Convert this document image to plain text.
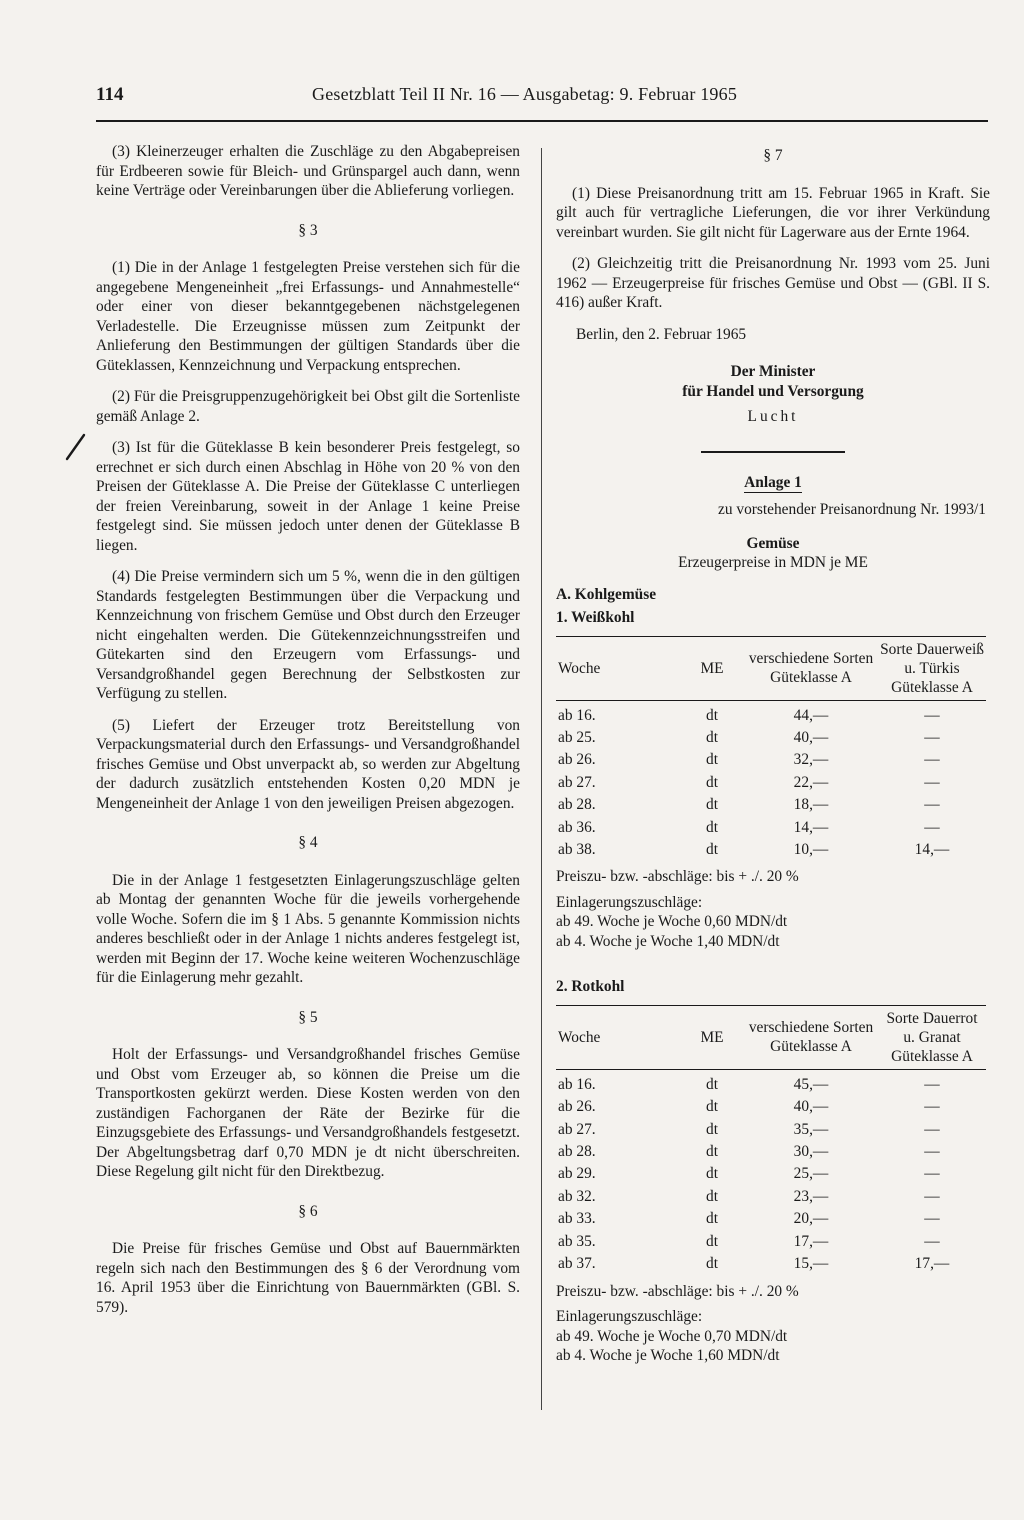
114	Gesetzblatt Teil II Nr. 16 — Ausgabetag: 9. Februar 1965

(3) Kleinerzeuger erhalten die Zuschläge zu den Abgabepreisen für Erdbeeren sowie für Bleich- und Grünspargel auch dann, wenn keine Verträge oder Vereinbarungen über die Ablieferung vorliegen.

§ 3

(1) Die in der Anlage 1 festgelegten Preise verstehen sich für die angegebene Mengeneinheit „frei Erfassungs- und Annahmestelle“ oder einer von dieser bekanntgegebenen nächstgelegenen Verladestelle. Die Erzeugnisse müssen zum Zeitpunkt der Anlieferung den Bestimmungen der gültigen Standards über die Güteklassen, Kennzeichnung und Verpackung entsprechen.

(2) Für die Preisgruppenzugehörigkeit bei Obst gilt die Sortenliste gemäß Anlage 2.

(3) Ist für die Güteklasse B kein besonderer Preis festgelegt, so errechnet er sich durch einen Abschlag in Höhe von 20 % von den Preisen der Güteklasse A. Die Preise der Güteklasse C unterliegen der freien Vereinbarung, soweit in der Anlage 1 keine Preise festgelegt sind. Sie müssen jedoch unter denen der Güteklasse B liegen.

(4) Die Preise vermindern sich um 5 %, wenn die in den gültigen Standards festgelegten Bestimmungen über die Verpackung und Kennzeichnung von frischem Gemüse und Obst durch den Erzeuger nicht eingehalten werden. Die Gütekennzeichnungsstreifen und Gütekarten sind den Erzeugern vom Erfassungs- und Versandgroßhandel gegen Berechnung der Selbstkosten zur Verfügung zu stellen.

(5) Liefert der Erzeuger trotz Bereitstellung von Verpackungsmaterial durch den Erfassungs- und Versandgroßhandel frisches Gemüse und Obst unverpackt ab, so werden zur Abgeltung der dadurch zusätzlich entstehenden Kosten 0,20 MDN je Mengeneinheit der Anlage 1 von den jeweiligen Preisen abgezogen.

§ 4

Die in der Anlage 1 festgesetzten Einlagerungszuschläge gelten ab Montag der genannten Woche für die jeweils vorhergehende volle Woche. Sofern die im § 1 Abs. 5 genannte Kommission nichts anderes beschließt oder in der Anlage 1 nichts anderes festgelegt ist, werden mit Beginn der 17. Woche keine weiteren Wochenzuschläge für die Einlagerung mehr gezahlt.

§ 5

Holt der Erfassungs- und Versandgroßhandel frisches Gemüse und Obst vom Erzeuger ab, so können die Preise um die Transportkosten gekürzt werden. Diese Kosten werden von den zuständigen Fachorganen der Räte der Bezirke für die Einzugsgebiete des Erfassungs- und Versandgroßhandels festgesetzt. Der Abgeltungsbetrag darf 0,70 MDN je dt nicht überschreiten. Diese Regelung gilt nicht für den Direktbezug.

§ 6

Die Preise für frisches Gemüse und Obst auf Bauernmärkten regeln sich nach den Bestimmungen des § 6 der Verordnung vom 16. April 1953 über die Einrichtung von Bauernmärkten (GBl. S. 579).

§ 7

(1) Diese Preisanordnung tritt am 15. Februar 1965 in Kraft. Sie gilt auch für vertragliche Lieferungen, die vor ihrer Verkündung vereinbart wurden. Sie gilt nicht für Lagerware aus der Ernte 1964.

(2) Gleichzeitig tritt die Preisanordnung Nr. 1993 vom 25. Juni 1962 — Erzeugerpreise für frisches Gemüse und Obst — (GBl. II S. 416) außer Kraft.

Berlin, den 2. Februar 1965
Der Minister
für Handel und Versorgung
Lucht
Anlage 1
zu vorstehender Preisanordnung Nr. 1993/1
Gemüse
Erzeugerpreise in MDN je ME
A. Kohlgemüse
1. Weißkohl
Woche	ME	verschiedene Sorten Güteklasse A	Sorte Dauerweiß u. Türkis Güteklasse A
ab 16.	dt	44,—	—
ab 25.	dt	40,—	—
ab 26.	dt	32,—	—
ab 27.	dt	22,—	—
ab 28.	dt	18,—	—
ab 36.	dt	14,—	—
ab 38.	dt	10,—	14,—
Preiszu- bzw. -abschläge: bis + ./. 20 %
Einlagerungszuschläge:
ab 49. Woche je Woche 0,60 MDN/dt
ab 4. Woche je Woche 1,40 MDN/dt
2. Rotkohl
Woche	ME	verschiedene Sorten Güteklasse A	Sorte Dauerrot u. Granat Güteklasse A
ab 16.	dt	45,—	—
ab 26.	dt	40,—	—
ab 27.	dt	35,—	—
ab 28.	dt	30,—	—
ab 29.	dt	25,—	—
ab 32.	dt	23,—	—
ab 33.	dt	20,—	—
ab 35.	dt	17,—	—
ab 37.	dt	15,—	17,—
Preiszu- bzw. -abschläge: bis + ./. 20 %
Einlagerungszuschläge:
ab 49. Woche je Woche 0,70 MDN/dt
ab 4. Woche je Woche 1,60 MDN/dt
